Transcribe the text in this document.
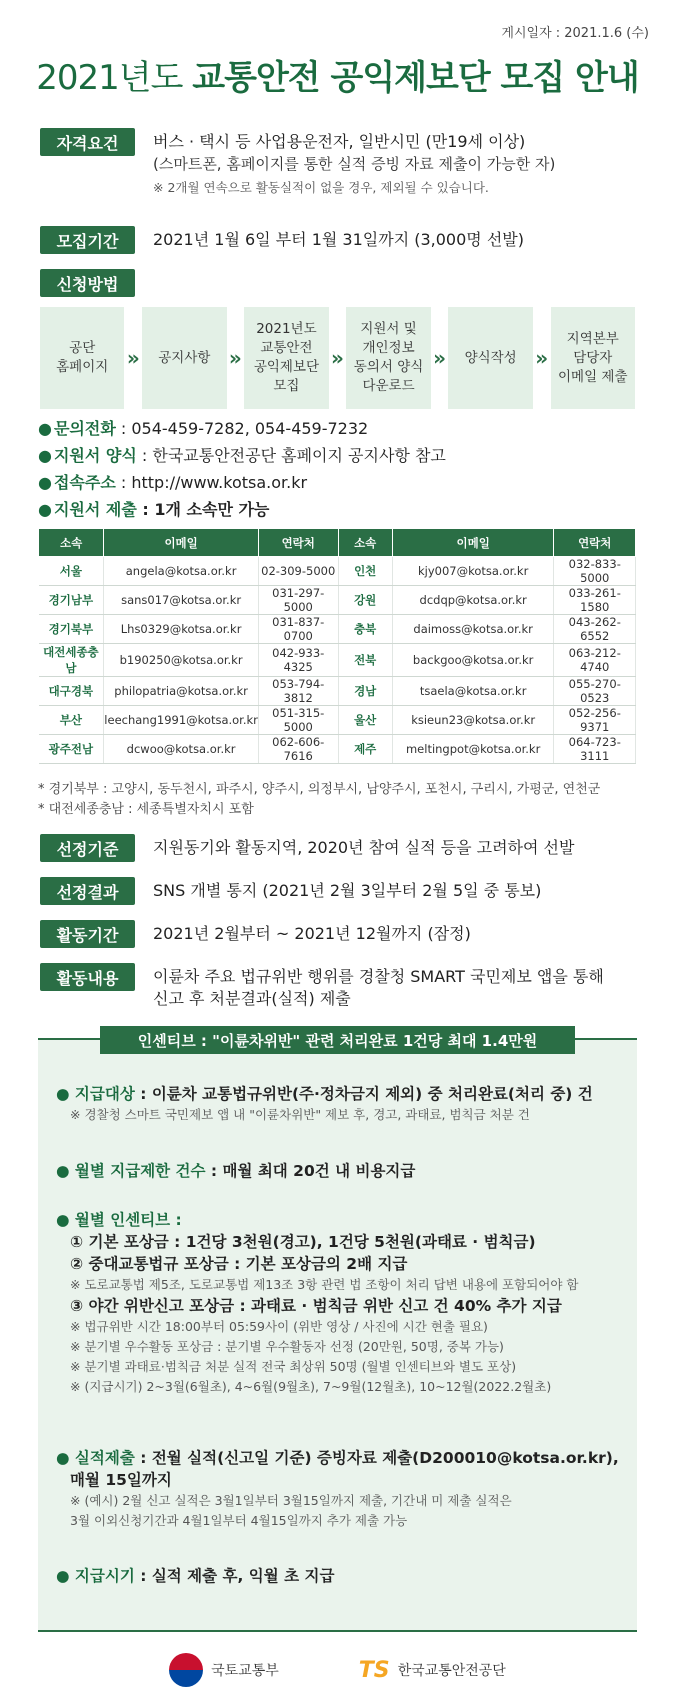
게시일자 : 2021.1.6 (수)
2021년도 교통안전 공익제보단 모집 안내
자격요건	버스 · 택시 등 사업용운전자, 일반시민 (만19세 이상)
(스마트폰, 홈페이지를 통한 실적 증빙 자료 제출이 가능한 자)
※ 2개월 연속으로 활동실적이 없을 경우, 제외될 수 있습니다.
모집기간	2021년 1월 6일 부터 1월 31일까지 (3,000명 선발)
신청방법
공단
홈페이지 »	공지사항 »
2021년도
교통안전
공익제보단
모집
»
지원서 및
개인정보
동의서 양식
다운로드
»	양식작성 »
지역본부
담당자
이메일 제출
● 문의전화 : 054-459-7282, 054-459-7232
● 지원서 양식 : 한국교통안전공단 홈페이지 공지사항 참고
● 접속주소 : http://www.kotsa.or.kr
● 지원서 제출 : 1개 소속만 가능
소속	이메일	연락처	소속	이메일	연락처
서울	angela@kotsa.or.kr	02-309-5000	인천	kjy007@kotsa.or.kr	032-833-5000
경기남부	sans017@kotsa.or.kr	031-297-5000	강원	dcdqp@kotsa.or.kr	033-261-1580
경기북부	Lhs0329@kotsa.or.kr	031-837-0700	충북	daimoss@kotsa.or.kr	043-262-6552
대전세종충남	b190250@kotsa.or.kr	042-933-4325	전북	backgoo@kotsa.or.kr	063-212-4740
대구경북	philopatria@kotsa.or.kr	053-794-3812	경남	tsaela@kotsa.or.kr	055-270-0523
부산	leechang1991@kotsa.or.kr	051-315-5000	울산	ksieun23@kotsa.or.kr	052-256-9371
광주전남	dcwoo@kotsa.or.kr	062-606-7616	제주	meltingpot@kotsa.or.kr	064-723-3111
* 경기북부 : 고양시, 동두천시, 파주시, 양주시, 의정부시, 남양주시, 포천시, 구리시, 가평군, 연천군
* 대전세종충남 : 세종특별자치시 포함
선정기준	지원동기와 활동지역, 2020년 참여 실적 등을 고려하여 선발
선정결과	SNS 개별 통지 (2021년 2월 3일부터 2월 5일 중 통보)
활동기간	2021년 2월부터 ~ 2021년 12월까지 (잠정)
활동내용	이륜차 주요 법규위반 행위를 경찰청 SMART 국민제보 앱을 통해
신고 후 처분결과(실적) 제출
인센티브 : "이륜차위반" 관련 처리완료 1건당 최대 1.4만원
● 지급대상 : 이륜차 교통법규위반(주·정차금지 제외) 중 처리완료(처리 중) 건
※ 경찰청 스마트 국민제보 앱 내 "이륜차위반" 제보 후, 경고, 과태료, 범칙금 처분 건
● 월별 지급제한 건수 : 매월 최대 20건 내 비용지급
● 월별 인센티브 :
① 기본 포상금 : 1건당 3천원(경고), 1건당 5천원(과태료 · 범칙금)
② 중대교통법규 포상금 : 기본 포상금의 2배 지급
※ 도로교통법 제5조, 도로교통법 제13조 3항 관련 법 조항이 처리 답변 내용에 포함되어야 함
③ 야간 위반신고 포상금 : 과태료 · 범칙금 위반 신고 건 40% 추가 지급
※ 법규위반 시간 18:00부터 05:59사이 (위반 영상 / 사진에 시간 현출 필요)
※ 분기별 우수활동 포상금 : 분기별 우수활동자 선정 (20만원, 50명, 중복 가능)
※ 분기별 과태료·범칙금 처분 실적 전국 최상위 50명 (월별 인센티브와 별도 포상)
※ (지급시기) 2~3월(6월초), 4~6월(9월초), 7~9월(12월초), 10~12월(2022.2월초)
● 실적제출 : 전월 실적(신고일 기준) 증빙자료 제출(D200010@kotsa.or.kr),
매월 15일까지
※ (예시) 2월 신고 실적은 3월1일부터 3월15일까지 제출, 기간내 미 제출 실적은
3월 이외신청기간과 4월1일부터 4월15일까지 추가 제출 가능
● 지급시기 : 실적 제출 후, 익월 초 지급
국토교통부	TS 한국교통안전공단
